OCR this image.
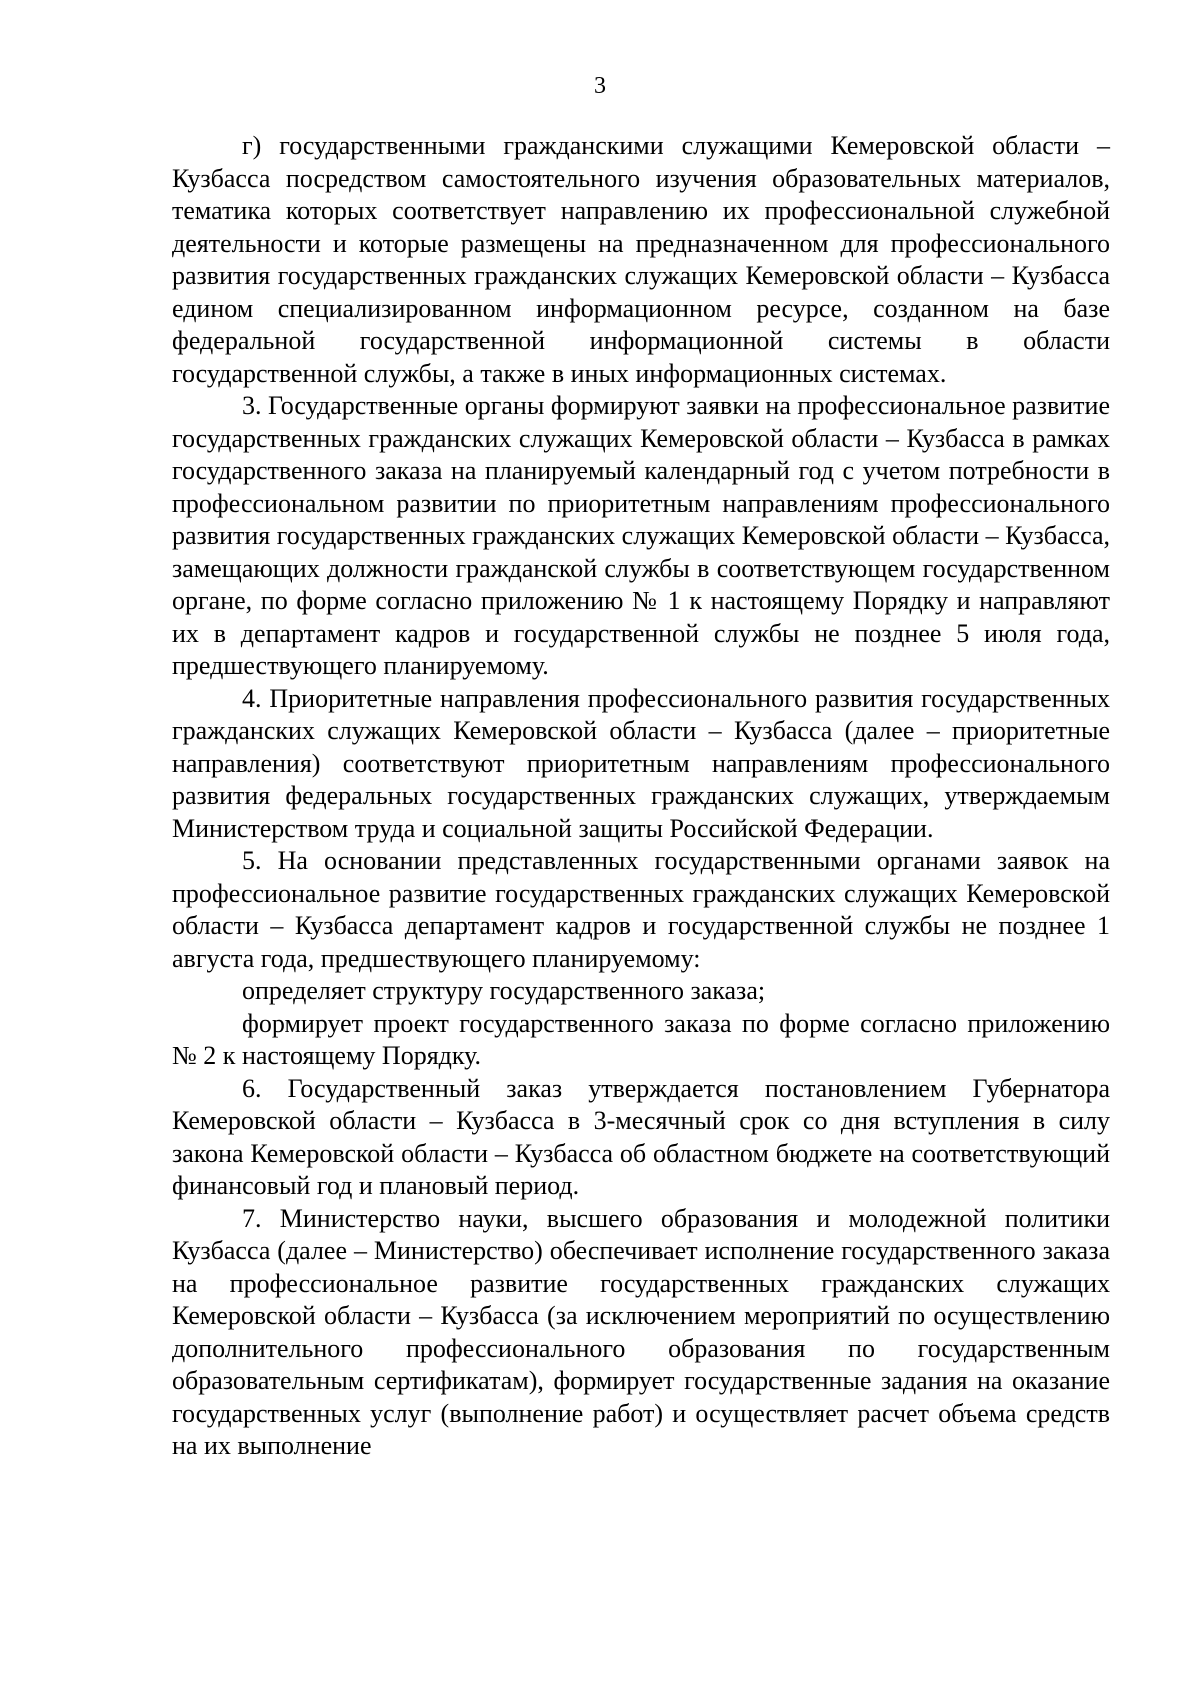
3

г) государственными гражданскими служащими Кемеровской области – Кузбасса посредством самостоятельного изучения образовательных материалов, тематика которых соответствует направлению их профессиональной служебной деятельности и которые размещены на предназначенном для профессионального развития государственных гражданских служащих Кемеровской области – Кузбасса едином специализированном информационном ресурсе, созданном на базе федеральной государственной информационной системы в области государственной службы, а также в иных информационных системах.

3. Государственные органы формируют заявки на профессиональное развитие государственных гражданских служащих Кемеровской области – Кузбасса в рамках государственного заказа на планируемый календарный год с учетом потребности в профессиональном развитии по приоритетным направлениям профессионального развития государственных гражданских служащих Кемеровской области – Кузбасса, замещающих должности гражданской службы в соответствующем государственном органе, по форме согласно приложению № 1 к настоящему Порядку и направляют их в департамент кадров и государственной службы не позднее 5 июля года, предшествующего планируемому.

4. Приоритетные направления профессионального развития государственных гражданских служащих Кемеровской области – Кузбасса (далее – приоритетные направления) соответствуют приоритетным направлениям профессионального развития федеральных государственных гражданских служащих, утверждаемым Министерством труда и социальной защиты Российской Федерации.

5. На основании представленных государственными органами заявок на профессиональное развитие государственных гражданских служащих Кемеровской области – Кузбасса департамент кадров и государственной службы не позднее 1 августа года, предшествующего планируемому:

определяет структуру государственного заказа;

формирует проект государственного заказа по форме согласно приложению № 2 к настоящему Порядку.

6. Государственный заказ утверждается постановлением Губернатора Кемеровской области – Кузбасса в 3-месячный срок со дня вступления в силу закона Кемеровской области – Кузбасса об областном бюджете на соответствующий финансовый год и плановый период.

7. Министерство науки, высшего образования и молодежной политики Кузбасса (далее – Министерство) обеспечивает исполнение государственного заказа на профессиональное развитие государственных гражданских служащих Кемеровской области – Кузбасса (за исключением мероприятий по осуществлению дополнительного профессионального образования по государственным образовательным сертификатам), формирует государственные задания на оказание государственных услуг (выполнение работ) и осуществляет расчет объема средств на их выполнение
